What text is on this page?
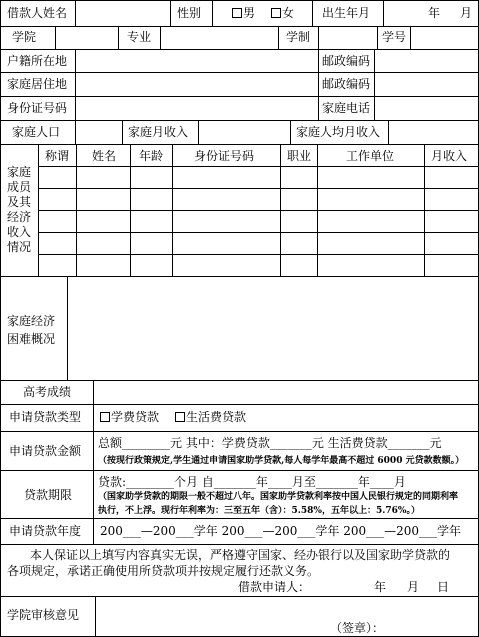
借款人姓名	性别	男	女 出生年月	年 月
学院	专业	学制	学号
户籍所在地	邮政编码
家庭居住地	邮政编码
身份证号码	家庭电话
家庭人口	家庭月收入	家庭人均月收入
家庭
成员
及其
经济
收入
情况
称谓 姓名 年龄	身份证号码	职业	工作单位	月收入
家庭经济
困难概况
高考成绩
申请贷款类型	学费贷款	生活费贷款
申请贷款金额
总额________元 其中：学费贷款_______元 生活费贷款_______元
（按现行政策规定,学生通过申请国家助学贷款,每人每学年最高不超过 6000 元贷款数额。）
贷款期限
贷款:________个月 自_______年____月至_______年____月
（国家助学贷款的期限一般不超过八年。国家助学贷款利率按中国人民银行规定的同期利率
执行，不上浮。现行年利率为：三至五年（含）：5.58%，五年以上：5.76%。）
申请贷款年度 200___—200___学年 200___—200___学年 200___—200___学年
本人保证以上填写内容真实无误，严格遵守国家、经办银行以及国家助学贷款的
各项规定，承诺正确使用所贷款项并按规定履行还款义务。
借款申请人：	年 月 日
学院审核意见
（签章）：
